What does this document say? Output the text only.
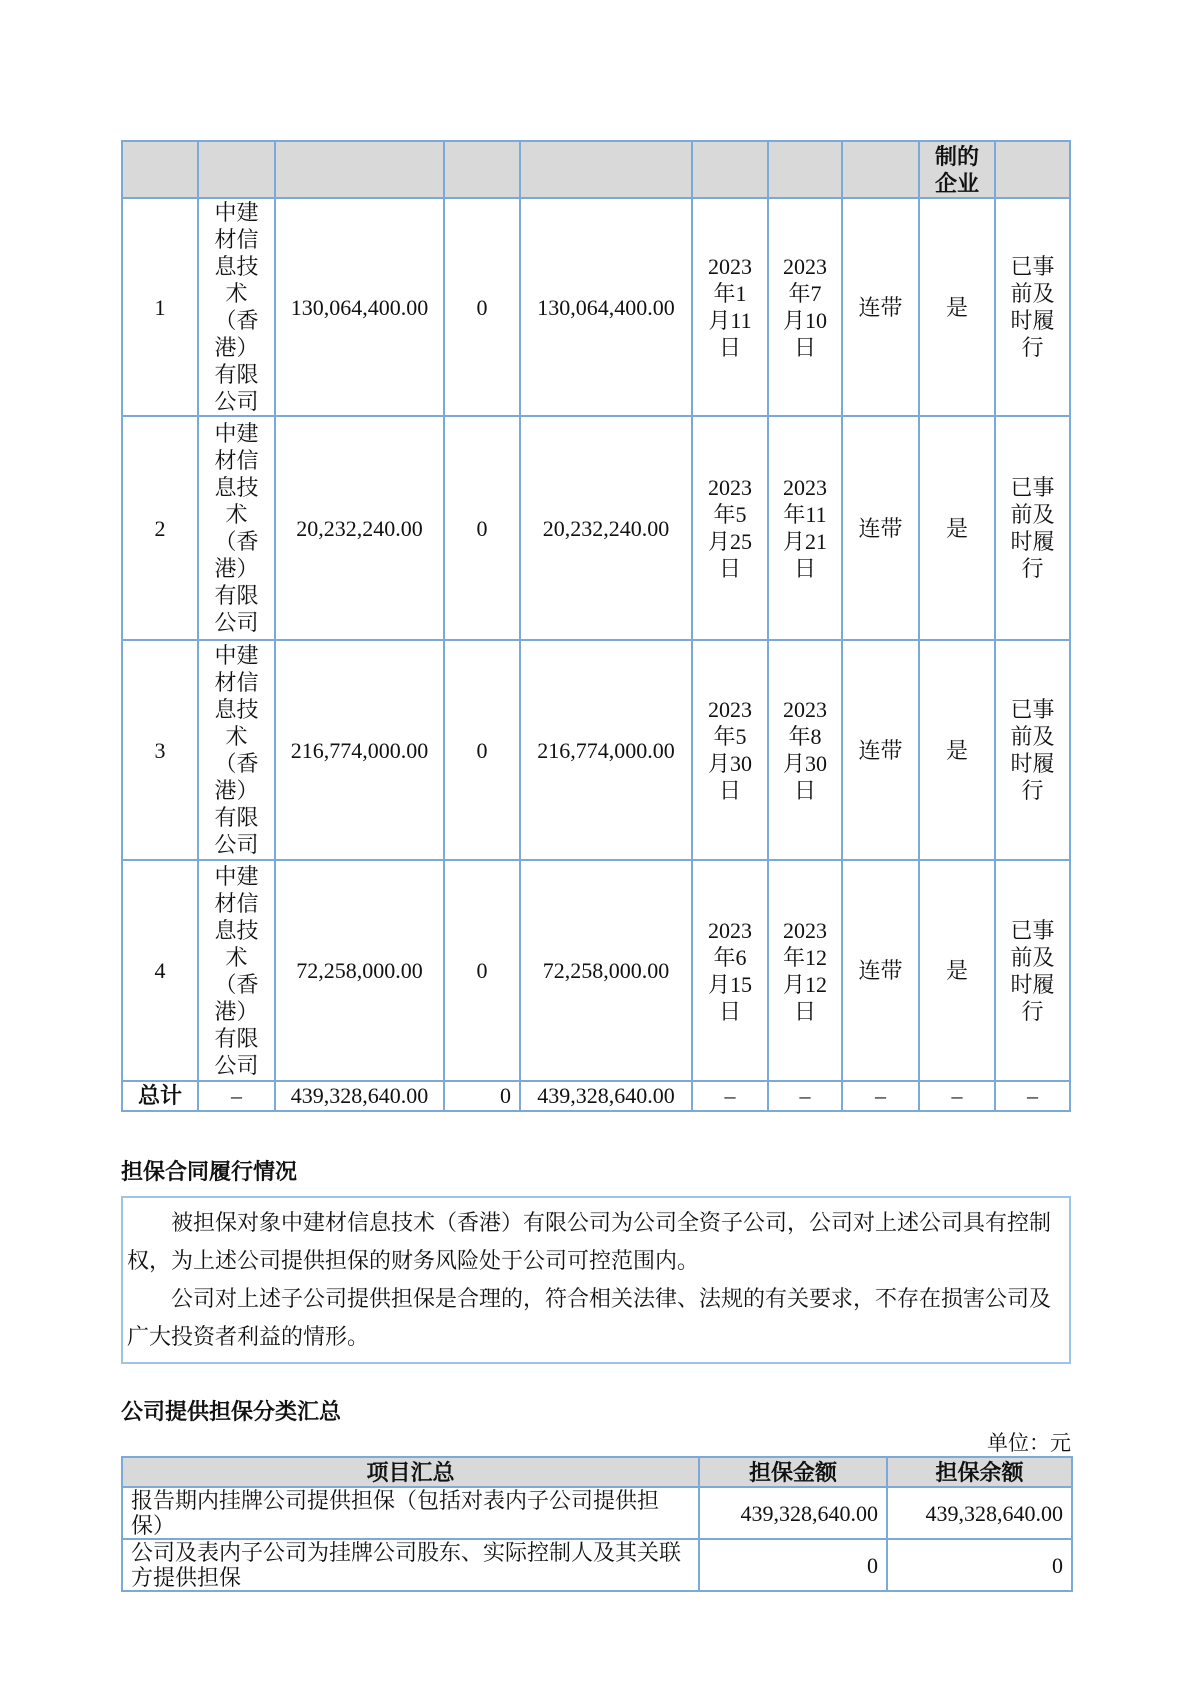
								制的企业	
1	中建材信息技术（香港）有限公司	130,064,400.00	0	130,064,400.00	2023年1月11日	2023年7月10日	连带	是	已事前及时履行
2	中建材信息技术（香港）有限公司	20,232,240.00	0	20,232,240.00	2023年5月25日	2023年11月21日	连带	是	已事前及时履行
3	中建材信息技术（香港）有限公司	216,774,000.00	0	216,774,000.00	2023年5月30日	2023年8月30日	连带	是	已事前及时履行
4	中建材信息技术（香港）有限公司	72,258,000.00	0	72,258,000.00	2023年6月15日	2023年12月12日	连带	是	已事前及时履行
总计	–	439,328,640.00	0	439,328,640.00	–	–	–	–	–

担保合同履行情况

被担保对象中建材信息技术（香港）有限公司为公司全资子公司，公司对上述公司具有控制权，为上述公司提供担保的财务风险处于公司可控范围内。

公司对上述子公司提供担保是合理的，符合相关法律、法规的有关要求，不存在损害公司及广大投资者利益的情形。

公司提供担保分类汇总

单位：元
项目汇总	担保金额	担保余额
报告期内挂牌公司提供担保（包括对表内子公司提供担保）	439,328,640.00	439,328,640.00
公司及表内子公司为挂牌公司股东、实际控制人及其关联方提供担保	0	0
